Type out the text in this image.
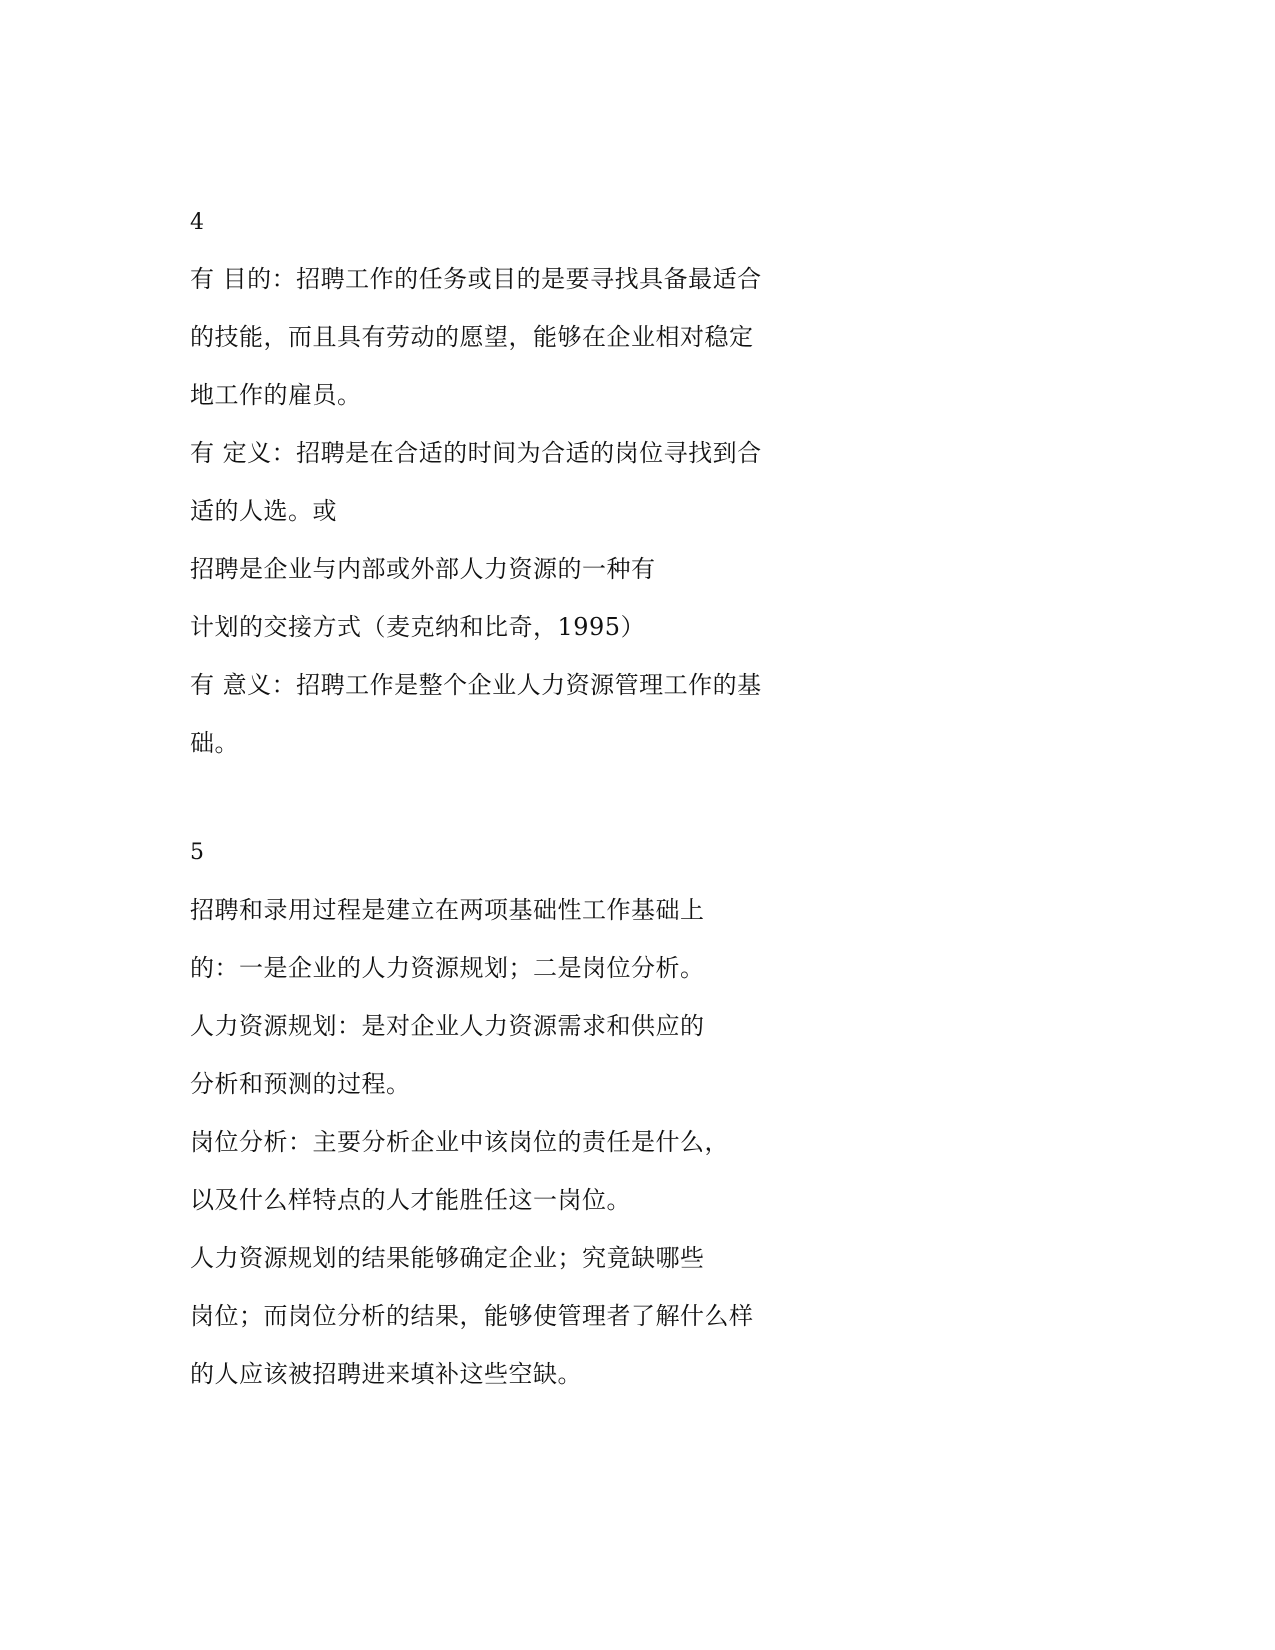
4
有 目的：招聘工作的任务或目的是要寻找具备最适合
的技能，而且具有劳动的愿望，能够在企业相对稳定
地工作的雇员。
有 定义：招聘是在合适的时间为合适的岗位寻找到合
适的人选。或
招聘是企业与内部或外部人力资源的一种有
计划的交接方式（麦克纳和比奇，1995）
有 意义：招聘工作是整个企业人力资源管理工作的基
础。
5
招聘和录用过程是建立在两项基础性工作基础上
的：一是企业的人力资源规划；二是岗位分析。
人力资源规划：是对企业人力资源需求和供应的
分析和预测的过程。
岗位分析：主要分析企业中该岗位的责任是什么，
以及什么样特点的人才能胜任这一岗位。
人力资源规划的结果能够确定企业；究竟缺哪些
岗位；而岗位分析的结果，能够使管理者了解什么样
的人应该被招聘进来填补这些空缺。
